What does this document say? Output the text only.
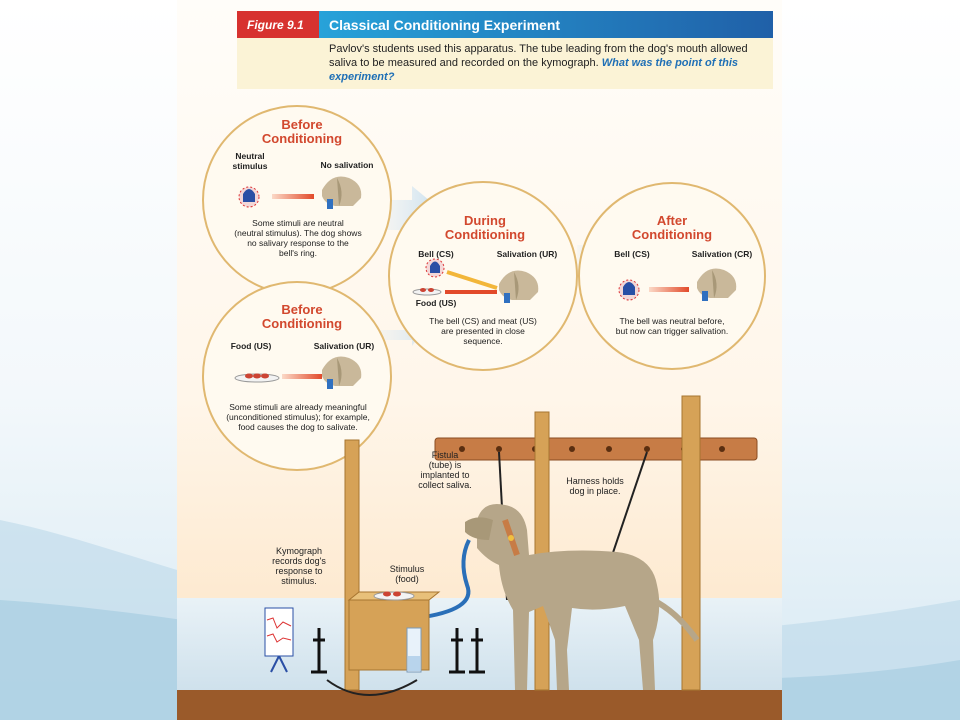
Figure 9.1	Classical Conditioning Experiment
Pavlov's students used this apparatus. The tube leading from the dog's mouth allowed saliva to be measured and recorded on the kymograph. What was the point of this experiment?
Before
Conditioning
Neutral
stimulus	No salivation
Some stimuli are neutral
(neutral stimulus). The dog shows
no salivary response to the
bell's ring.
Before
Conditioning
Food (US)	Salivation (UR)
Some stimuli are already meaningful
(unconditioned stimulus); for example,
food causes the dog to salivate.
During
Conditioning
Bell (CS)
Food (US)
Salivation (UR)
The bell (CS) and meat (US)
are presented in close
sequence.
After
Conditioning
Bell (CS)	Salivation (CR)
The bell was neutral before,
but now can trigger salivation.
Fistula
(tube) is
implanted to
collect saliva.	Harness holds
dog in place.
Kymograph
records dog's
response to
stimulus.
Stimulus
(food)
